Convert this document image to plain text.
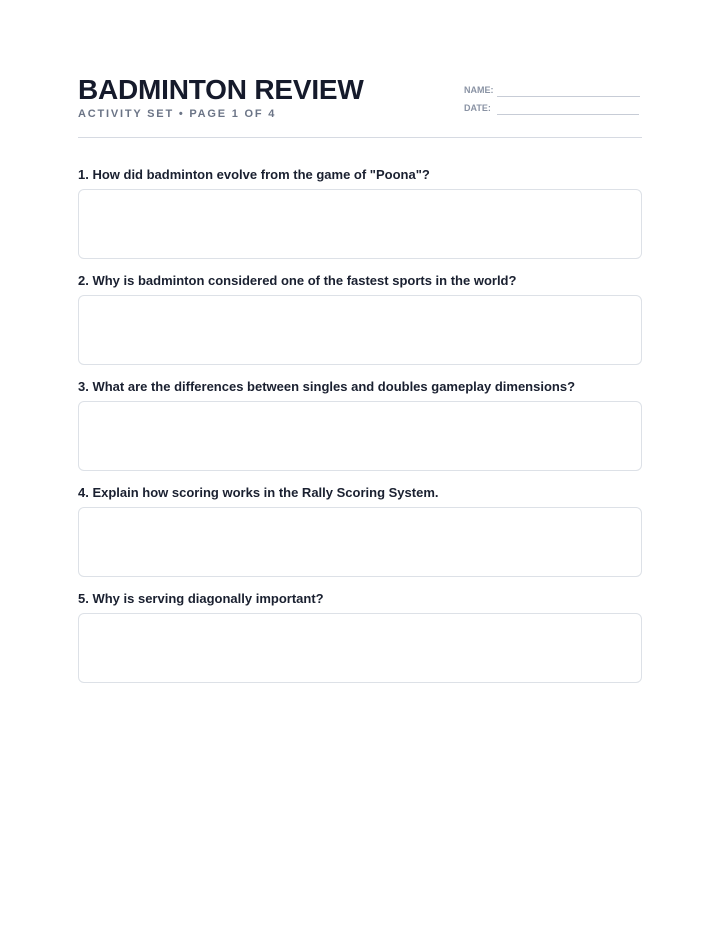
BADMINTON REVIEW
ACTIVITY SET • PAGE 1 OF 4
NAME:
DATE:
1. How did badminton evolve from the game of "Poona"?
2. Why is badminton considered one of the fastest sports in the world?
3. What are the differences between singles and doubles gameplay dimensions?
4. Explain how scoring works in the Rally Scoring System.
5. Why is serving diagonally important?
